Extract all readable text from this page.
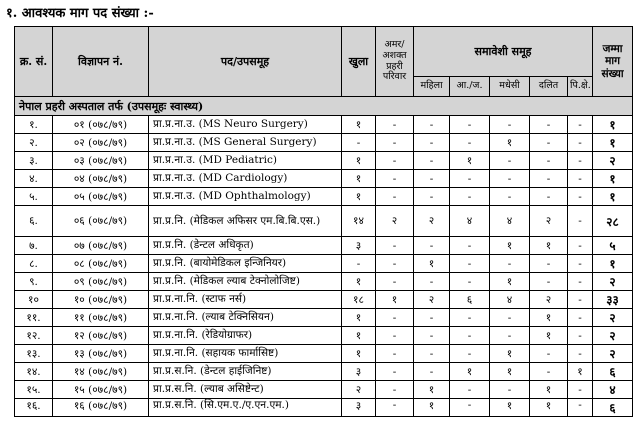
१. आवश्यक माग पद संख्या :-
क्र. सं.	विज्ञापन नं.	पद/उपसमूह	खुला	अमर/ अशक्त प्रहरी परिवार	समावेशी समूह					जम्मा माग संख्या
					महिला	आ./ज.	मधेसी	दलित	पि.क्षे.	
नेपाल प्रहरी अस्पताल तर्फ (उपसमूहः स्वास्थ्य)										
१.	०१ (०७८/७९)	प्रा.प्र.ना.उ. (MS Neuro Surgery)	१	-	-	-	-	-	-	१
२.	०२ (०७८/७९)	प्रा.प्र.ना.उ. (MS General Surgery)	-	-	-	-	१	-	-	१
३.	०३ (०७८/७९)	प्रा.प्र.ना.उ. (MD Pediatric)	१	-	-	१	-	-	-	२
४.	०४ (०७८/७९)	प्रा.प्र.ना.उ. (MD Cardiology)	१	-	-	-	-	-	-	१
५.	०५ (०७८/७९)	प्रा.प्र.ना.उ. (MD Ophthalmology)	१	-	-	-	-	-	-	१
६.	०६ (०७८/७९)	प्रा.प्र.नि. (मेडिकल अफिसर एम.बि.बि.एस.)	१४	२	२	४	४	२	-	२८
७.	०७ (०७८/७९)	प्रा.प्र.नि. (डेन्टल अधिकृत)	३	-	-	-	१	१	-	५
८.	०८ (०७८/७९)	प्रा.प्र.नि. (बायोमेडिकल इन्जिनियर)	-	-	१	-	-	-	-	१
९.	०९ (०७८/७९)	प्रा.प्र.नि. (मेडिकल ल्याब टेक्नोलोजिष्ट)	१	-	-	-	१	-	-	२
१०	१० (०७८/७९)	प्रा.प्र.ना.नि. (स्टाफ नर्स)	१८	१	२	६	४	२	-	३३
११.	११ (०७८/७९)	प्रा.प्र.ना.नि. (ल्याब टेक्निसियन)	१	-	-	-	-	१	-	२
१२.	१२ (०७८/७९)	प्रा.प्र.ना.नि. (रेडियोग्राफर)	१	-	-	-	-	१	-	२
१३.	१३ (०७८/७९)	प्रा.प्र.ना.नि. (सहायक फार्मासिष्ट)	१	-	-	-	१	-	-	२
१४.	१४ (०७८/७९)	प्रा.प्र.स.नि. (डेन्टल हाईजिनिष्ट)	३	-	-	१	१	-	१	६
१५.	१५ (०७८/७९)	प्रा.प्र.स.नि. (ल्याब असिष्टेन्ट)	२	-	१	-	-	१	-	४
१६.	१६ (०७८/७९)	प्रा.प्र.स.नि. (सि.एम.ए./ए.एन.एम.)	३	-	१	-	१	१	-	६
